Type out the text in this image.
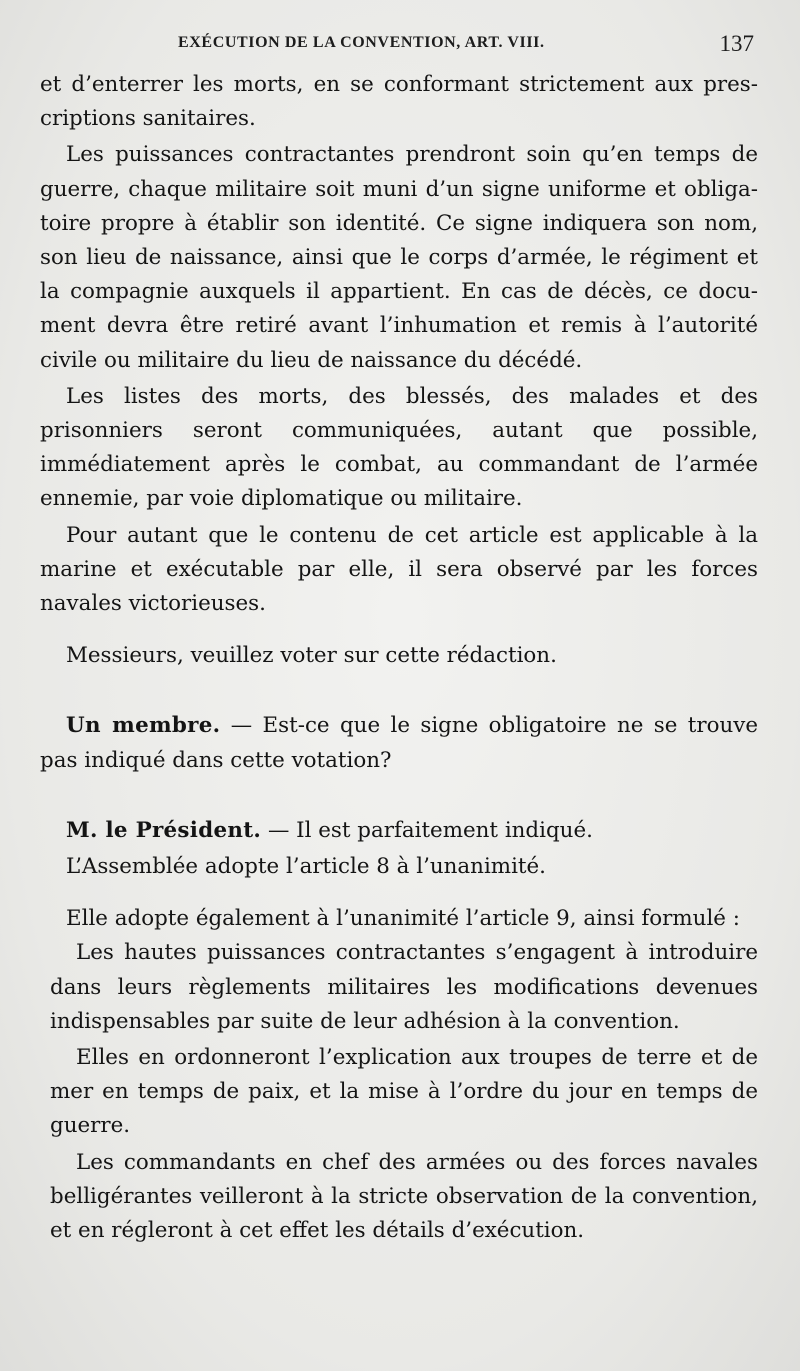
EXÉCUTION DE LA CONVENTION, ART. VIII.	137

et d’enterrer les morts, en se conformant strictement aux prescriptions sanitaires.

Les puissances contractantes prendront soin qu’en temps de guerre, chaque militaire soit muni d’un signe uniforme et obligatoire propre à établir son identité. Ce signe indiquera son nom, son lieu de naissance, ainsi que le corps d’armée, le régiment et la compagnie auxquels il appartient. En cas de décès, ce document devra être retiré avant l’inhumation et remis à l’autorité civile ou militaire du lieu de naissance du décédé.

Les listes des morts, des blessés, des malades et des prisonniers seront communiquées, autant que possible, immédiatement après le combat, au commandant de l’armée ennemie, par voie diplomatique ou militaire.

Pour autant que le contenu de cet article est applicable à la marine et exécutable par elle, il sera observé par les forces navales victorieuses.

Messieurs, veuillez voter sur cette rédaction.

Un membre. — Est-ce que le signe obligatoire ne se trouve pas indiqué dans cette votation?

M. le Président. — Il est parfaitement indiqué.

L’Assemblée adopte l’article 8 à l’unanimité.

Elle adopte également à l’unanimité l’article 9, ainsi formulé :

Les hautes puissances contractantes s’engagent à introduire dans leurs règlements militaires les modifications devenues indispensables par suite de leur adhésion à la convention.

Elles en ordonneront l’explication aux troupes de terre et de mer en temps de paix, et la mise à l’ordre du jour en temps de guerre.

Les commandants en chef des armées ou des forces navales belligérantes veilleront à la stricte observation de la convention, et en régleront à cet effet les détails d’exécution.
